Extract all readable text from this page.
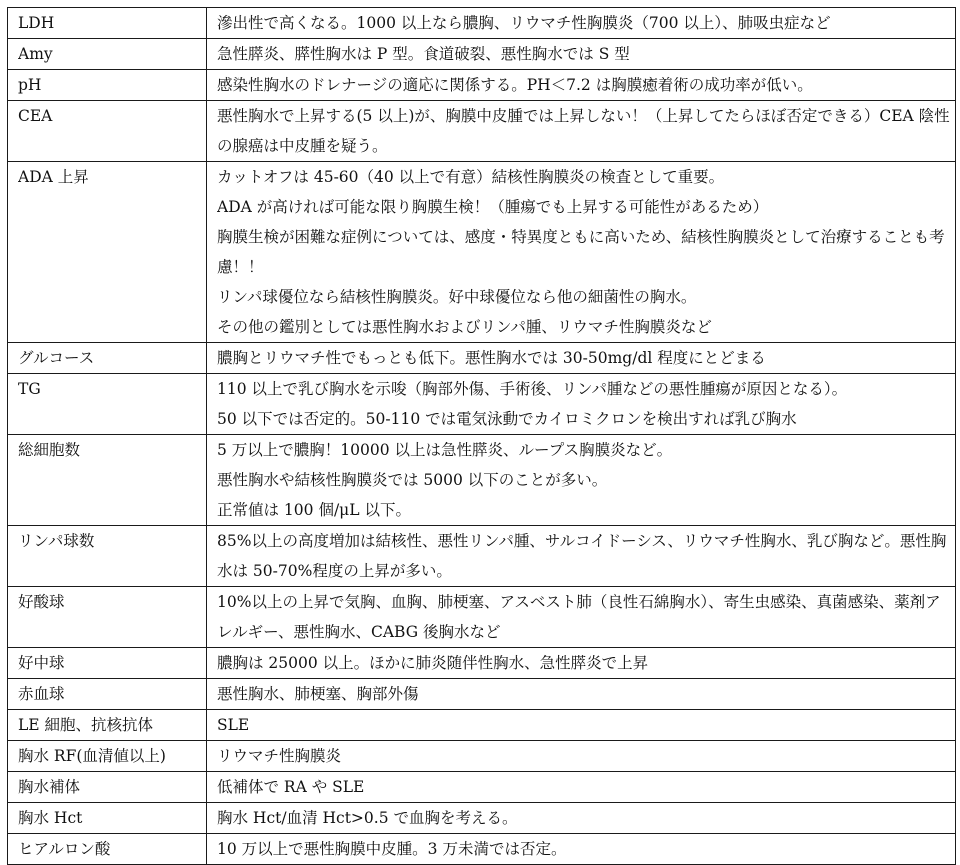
LDH	滲出性で高くなる。1000 以上なら膿胸、リウマチ性胸膜炎（700 以上）、肺吸虫症など

Amy	急性膵炎、膵性胸水は P 型。食道破裂、悪性胸水では S 型

pH	感染性胸水のドレナージの適応に関係する。PH＜7.2 は胸膜癒着術の成功率が低い。

CEA	悪性胸水で上昇する(5 以上)が、胸膜中皮腫では上昇しない！（上昇してたらほぼ否定できる）CEA 陰性の腺癌は中皮腫を疑う。

ADA 上昇	カットオフは 45-60（40 以上で有意）結核性胸膜炎の検査として重要。
ADA が高ければ可能な限り胸膜生検！（腫瘍でも上昇する可能性があるため）
胸膜生検が困難な症例については、感度・特異度ともに高いため、結核性胸膜炎として治療することも考慮！！
リンパ球優位なら結核性胸膜炎。好中球優位なら他の細菌性の胸水。
その他の鑑別としては悪性胸水およびリンパ腫、リウマチ性胸膜炎など

グルコース	膿胸とリウマチ性でもっとも低下。悪性胸水では 30-50mg/dl 程度にとどまる

TG	110 以上で乳び胸水を示唆（胸部外傷、手術後、リンパ腫などの悪性腫瘍が原因となる）。
50 以下では否定的。50-110 では電気泳動でカイロミクロンを検出すれば乳び胸水

総細胞数	5 万以上で膿胸！10000 以上は急性膵炎、ループス胸膜炎など。
悪性胸水や結核性胸膜炎では 5000 以下のことが多い。
正常値は 100 個/μL 以下。

リンパ球数	85%以上の高度増加は結核性、悪性リンパ腫、サルコイドーシス、リウマチ性胸水、乳び胸など。悪性胸水は 50-70%程度の上昇が多い。

好酸球	10%以上の上昇で気胸、血胸、肺梗塞、アスベスト肺（良性石綿胸水）、寄生虫感染、真菌感染、薬剤アレルギー、悪性胸水、CABG 後胸水など

好中球	膿胸は 25000 以上。ほかに肺炎随伴性胸水、急性膵炎で上昇

赤血球	悪性胸水、肺梗塞、胸部外傷

LE 細胞、抗核抗体	SLE

胸水 RF(血清値以上)	リウマチ性胸膜炎

胸水補体	低補体で RA や SLE

胸水 Hct	胸水 Hct/血清 Hct>0.5 で血胸を考える。

ヒアルロン酸	10 万以上で悪性胸膜中皮腫。3 万未満では否定。
